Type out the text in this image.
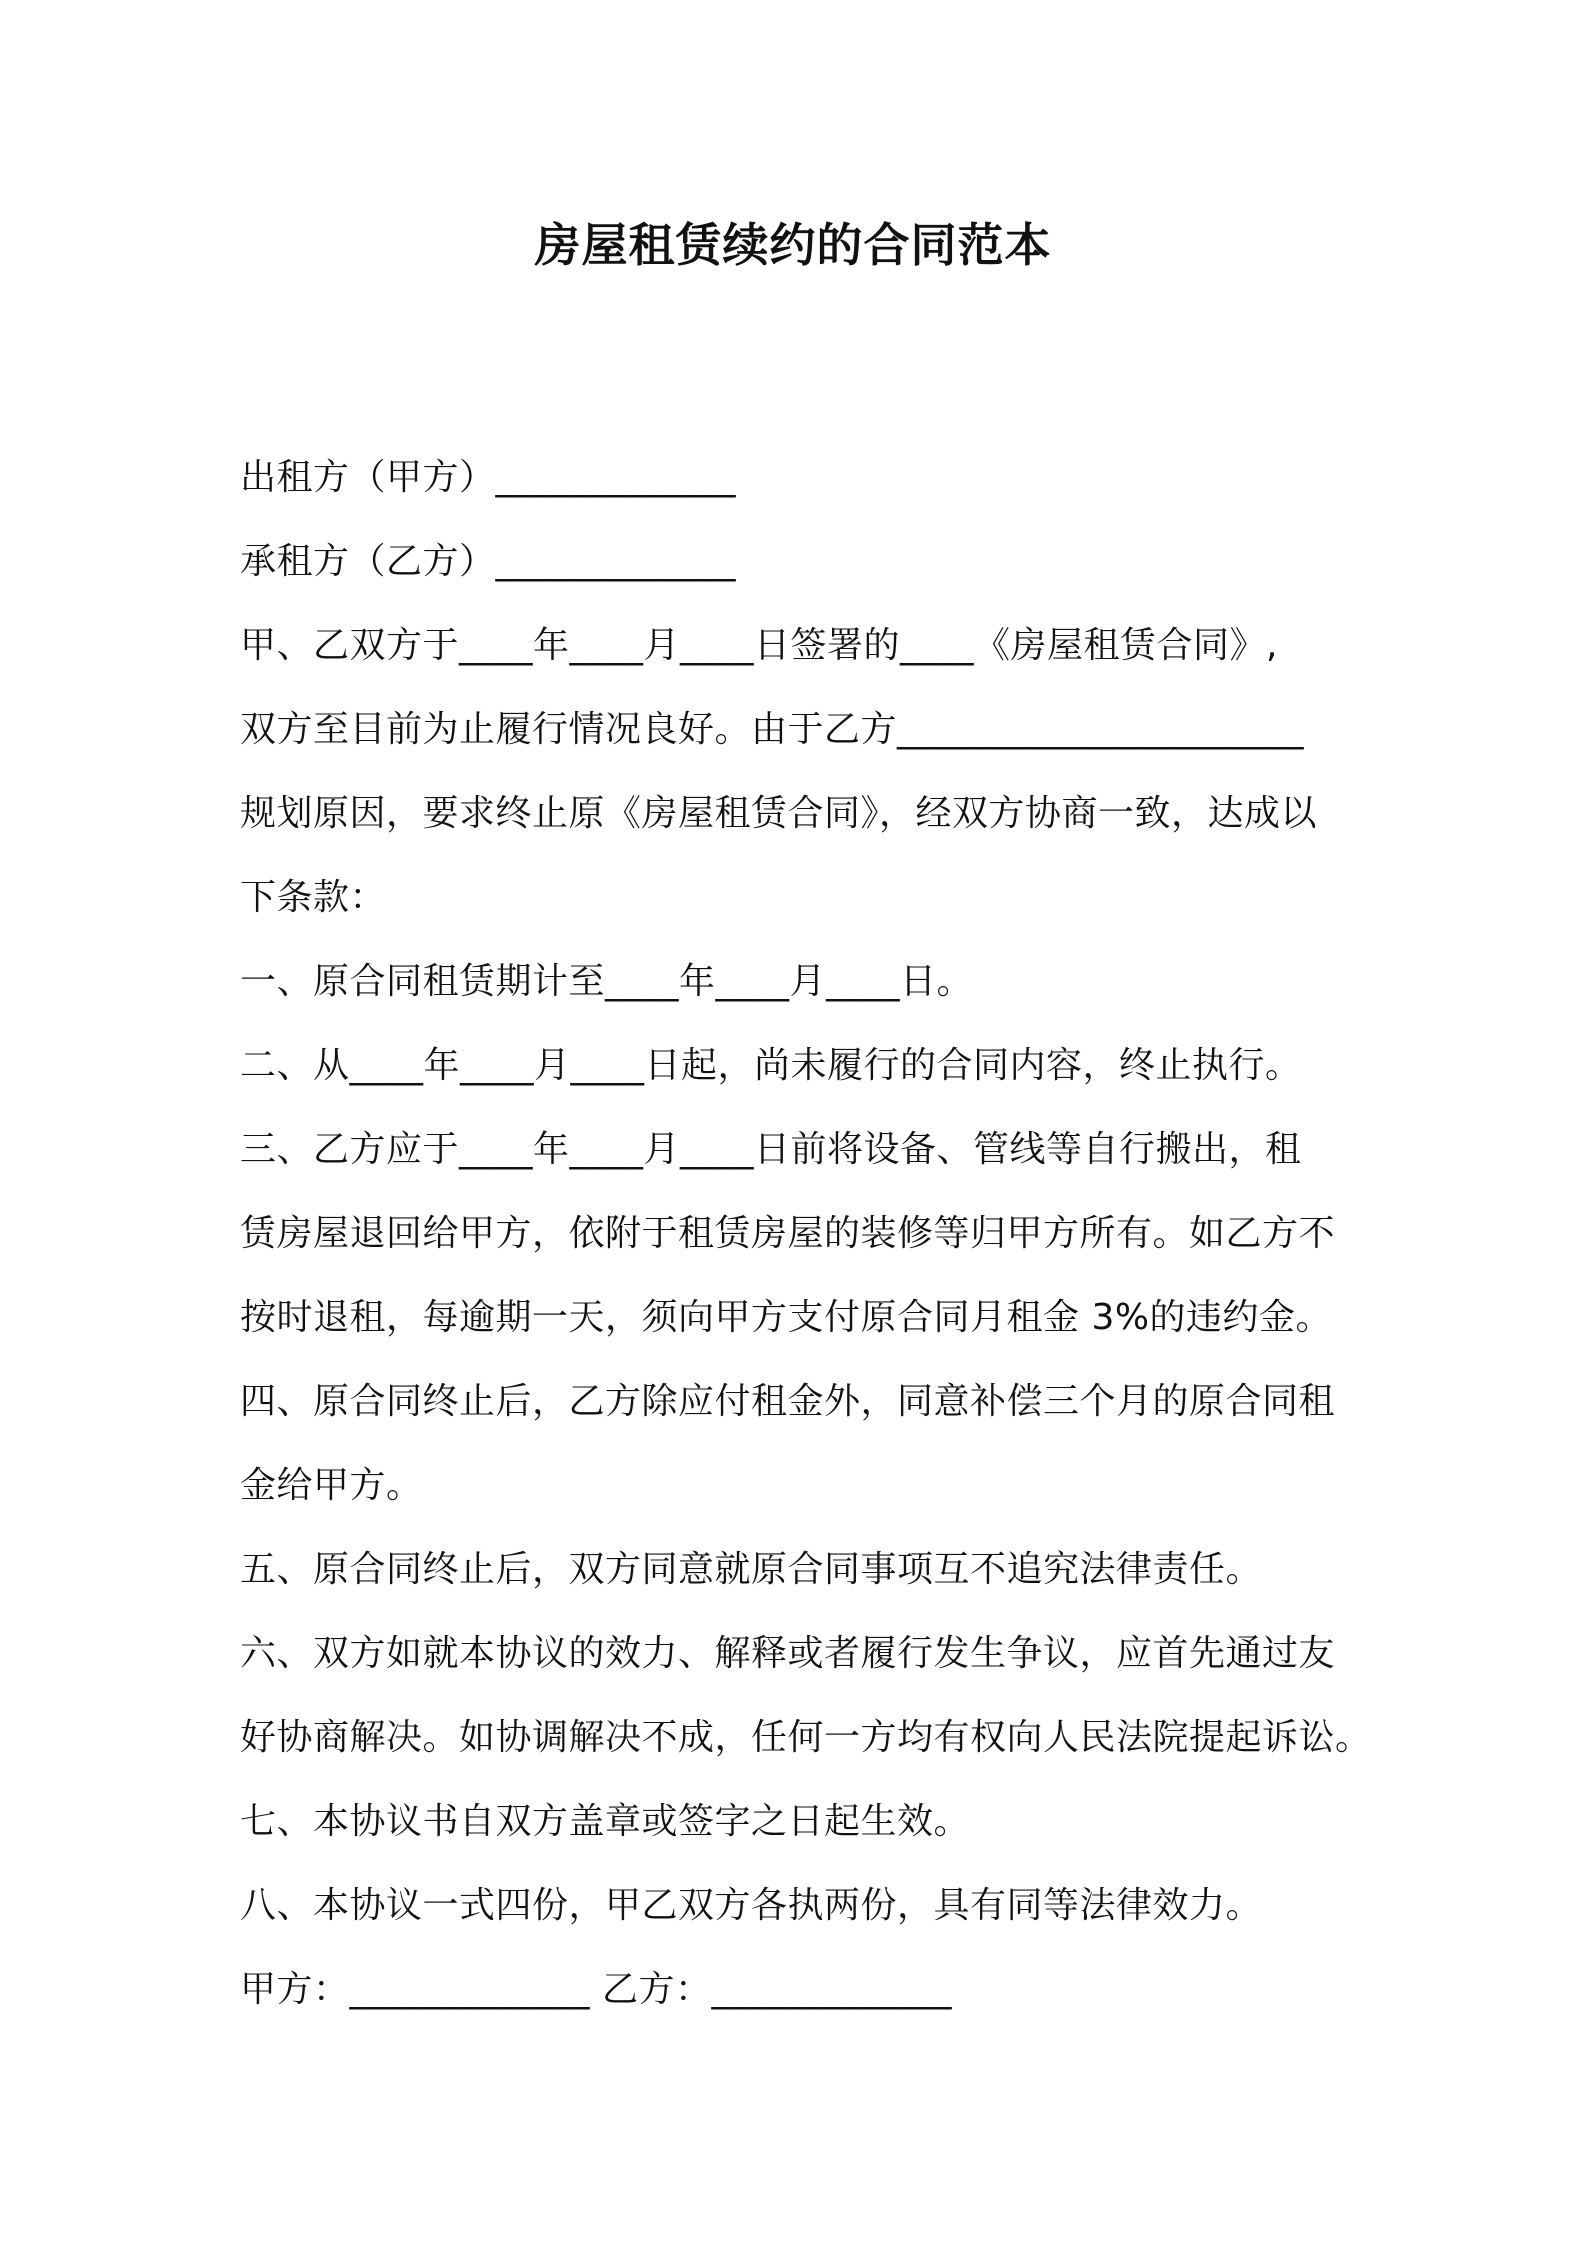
房屋租赁续约的合同范本
出租方（甲方）_____________
承租方（乙方）_____________
甲、乙双方于____年____月____日签署的____《房屋租赁合同》,
双方至目前为止履行情况良好。由于乙方______________________
规划原因，要求终止原《房屋租赁合同》，经双方协商一致，达成以
下条款：
一、原合同租赁期计至____年____月____日。
二、从____年____月____日起，尚未履行的合同内容，终止执行。
三、乙方应于____年____月____日前将设备、管线等自行搬出，租
赁房屋退回给甲方，依附于租赁房屋的装修等归甲方所有。如乙方不
按时退租，每逾期一天，须向甲方支付原合同月租金 3%的违约金。
四、原合同终止后，乙方除应付租金外，同意补偿三个月的原合同租
金给甲方。
五、原合同终止后，双方同意就原合同事项互不追究法律责任。
六、双方如就本协议的效力、解释或者履行发生争议，应首先通过友
好协商解决。如协调解决不成，任何一方均有权向人民法院提起诉讼。
七、本协议书自双方盖章或签字之日起生效。
八、本协议一式四份，甲乙双方各执两份，具有同等法律效力。
甲方：_____________ 乙方：_____________
